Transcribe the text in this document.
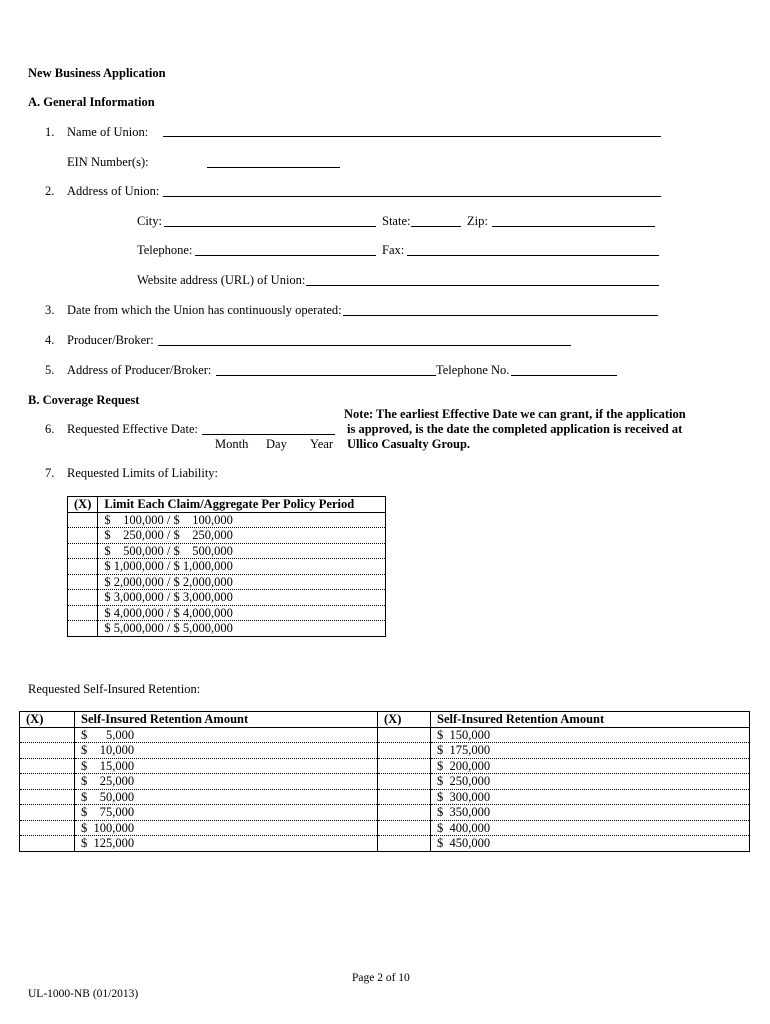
New Business Application
A. General Information
1. Name of Union:
EIN Number(s):
2. Address of Union:
City:	State:	Zip:
Telephone:	Fax:
Website address (URL) of Union:
3. Date from which the Union has continuously operated:
4. Producer/Broker:
5. Address of Producer/Broker:	Telephone No.
B. Coverage Request
Note: The earliest Effective Date we can grant, if the application
is approved, is the date the completed application is received at
Ullico Casualty Group.
6. Requested Effective Date:
Month Day Year
7. Requested Limits of Liability:
(X)	Limit Each Claim/Aggregate Per Policy Period
	$    100,000 / $    100,000
	$    250,000 / $    250,000
	$    500,000 / $    500,000
	$ 1,000,000 / $ 1,000,000
	$ 2,000,000 / $ 2,000,000
	$ 3,000,000 / $ 3,000,000
	$ 4,000,000 / $ 4,000,000
	$ 5,000,000 / $ 5,000,000
Requested Self-Insured Retention:
(X)	Self-Insured Retention Amount	(X)	Self-Insured Retention Amount
	$      5,000		$  150,000
	$    10,000		$  175,000
	$    15,000		$  200,000
	$    25,000		$  250,000
	$    50,000		$  300,000
	$    75,000		$  350,000
	$  100,000		$  400,000
	$  125,000		$  450,000
Page 2 of 10
UL-1000-NB (01/2013)
